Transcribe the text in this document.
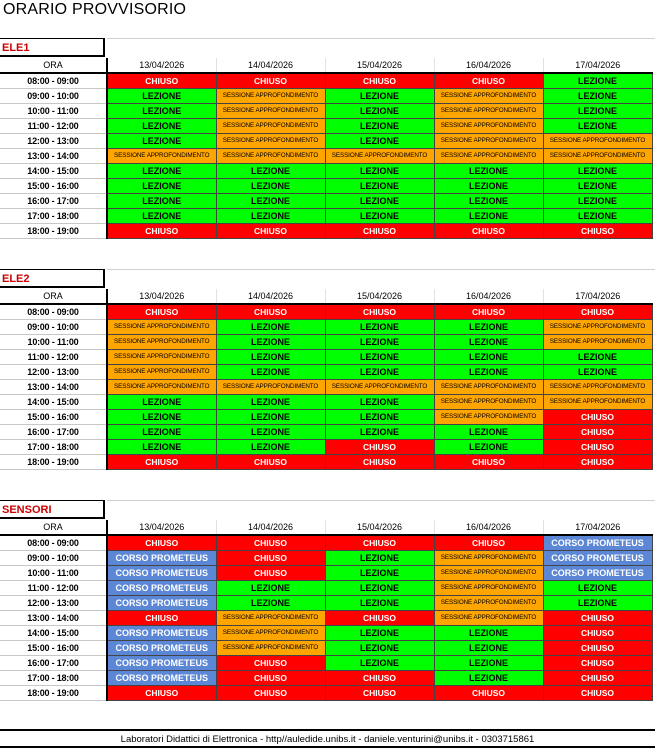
ORARIO PROVVISORIO
ELE1
ORA	13/04/2026	14/04/2026	15/04/2026	16/04/2026	17/04/2026
08:00 - 09:00	CHIUSO	CHIUSO	CHIUSO	CHIUSO	LEZIONE
09:00 - 10:00	LEZIONE	SESSIONE APPROFONDIMENTO	LEZIONE	SESSIONE APPROFONDIMENTO	LEZIONE
10:00 - 11:00	LEZIONE	SESSIONE APPROFONDIMENTO	LEZIONE	SESSIONE APPROFONDIMENTO	LEZIONE
11:00 - 12:00	LEZIONE	SESSIONE APPROFONDIMENTO	LEZIONE	SESSIONE APPROFONDIMENTO	LEZIONE
12:00 - 13:00	LEZIONE	SESSIONE APPROFONDIMENTO	LEZIONE	SESSIONE APPROFONDIMENTO	SESSIONE APPROFONDIMENTO
13:00 - 14:00	SESSIONE APPROFONDIMENTO	SESSIONE APPROFONDIMENTO	SESSIONE APPROFONDIMENTO	SESSIONE APPROFONDIMENTO	SESSIONE APPROFONDIMENTO
14:00 - 15:00	LEZIONE	LEZIONE	LEZIONE	LEZIONE	LEZIONE
15:00 - 16:00	LEZIONE	LEZIONE	LEZIONE	LEZIONE	LEZIONE
16:00 - 17:00	LEZIONE	LEZIONE	LEZIONE	LEZIONE	LEZIONE
17:00 - 18:00	LEZIONE	LEZIONE	LEZIONE	LEZIONE	LEZIONE
18:00 - 19:00	CHIUSO	CHIUSO	CHIUSO	CHIUSO	CHIUSO
ELE2
ORA	13/04/2026	14/04/2026	15/04/2026	16/04/2026	17/04/2026
08:00 - 09:00	CHIUSO	CHIUSO	CHIUSO	CHIUSO	CHIUSO
09:00 - 10:00	SESSIONE APPROFONDIMENTO	LEZIONE	LEZIONE	LEZIONE	SESSIONE APPROFONDIMENTO
10:00 - 11:00	SESSIONE APPROFONDIMENTO	LEZIONE	LEZIONE	LEZIONE	SESSIONE APPROFONDIMENTO
11:00 - 12:00	SESSIONE APPROFONDIMENTO	LEZIONE	LEZIONE	LEZIONE	LEZIONE
12:00 - 13:00	SESSIONE APPROFONDIMENTO	LEZIONE	LEZIONE	LEZIONE	LEZIONE
13:00 - 14:00	SESSIONE APPROFONDIMENTO	SESSIONE APPROFONDIMENTO	SESSIONE APPROFONDIMENTO	SESSIONE APPROFONDIMENTO	SESSIONE APPROFONDIMENTO
14:00 - 15:00	LEZIONE	LEZIONE	LEZIONE	SESSIONE APPROFONDIMENTO	SESSIONE APPROFONDIMENTO
15:00 - 16:00	LEZIONE	LEZIONE	LEZIONE	SESSIONE APPROFONDIMENTO	CHIUSO
16:00 - 17:00	LEZIONE	LEZIONE	LEZIONE	LEZIONE	CHIUSO
17:00 - 18:00	LEZIONE	LEZIONE	CHIUSO	LEZIONE	CHIUSO
18:00 - 19:00	CHIUSO	CHIUSO	CHIUSO	CHIUSO	CHIUSO
SENSORI
ORA	13/04/2026	14/04/2026	15/04/2026	16/04/2026	17/04/2026
08:00 - 09:00	CHIUSO	CHIUSO	CHIUSO	CHIUSO	CORSO PROMETEUS
09:00 - 10:00	CORSO PROMETEUS	CHIUSO	LEZIONE	SESSIONE APPROFONDIMENTO	CORSO PROMETEUS
10:00 - 11:00	CORSO PROMETEUS	CHIUSO	LEZIONE	SESSIONE APPROFONDIMENTO	CORSO PROMETEUS
11:00 - 12:00	CORSO PROMETEUS	LEZIONE	LEZIONE	SESSIONE APPROFONDIMENTO	LEZIONE
12:00 - 13:00	CORSO PROMETEUS	LEZIONE	LEZIONE	SESSIONE APPROFONDIMENTO	LEZIONE
13:00 - 14:00	CHIUSO	SESSIONE APPROFONDIMENTO	CHIUSO	SESSIONE APPROFONDIMENTO	CHIUSO
14:00 - 15:00	CORSO PROMETEUS	SESSIONE APPROFONDIMENTO	LEZIONE	LEZIONE	CHIUSO
15:00 - 16:00	CORSO PROMETEUS	SESSIONE APPROFONDIMENTO	LEZIONE	LEZIONE	CHIUSO
16:00 - 17:00	CORSO PROMETEUS	CHIUSO	LEZIONE	LEZIONE	CHIUSO
17:00 - 18:00	CORSO PROMETEUS	CHIUSO	CHIUSO	LEZIONE	CHIUSO
18:00 - 19:00	CHIUSO	CHIUSO	CHIUSO	CHIUSO	CHIUSO
Laboratori Didattici di Elettronica - http//auledide.unibs.it - daniele.venturini@unibs.it - 0303715861
